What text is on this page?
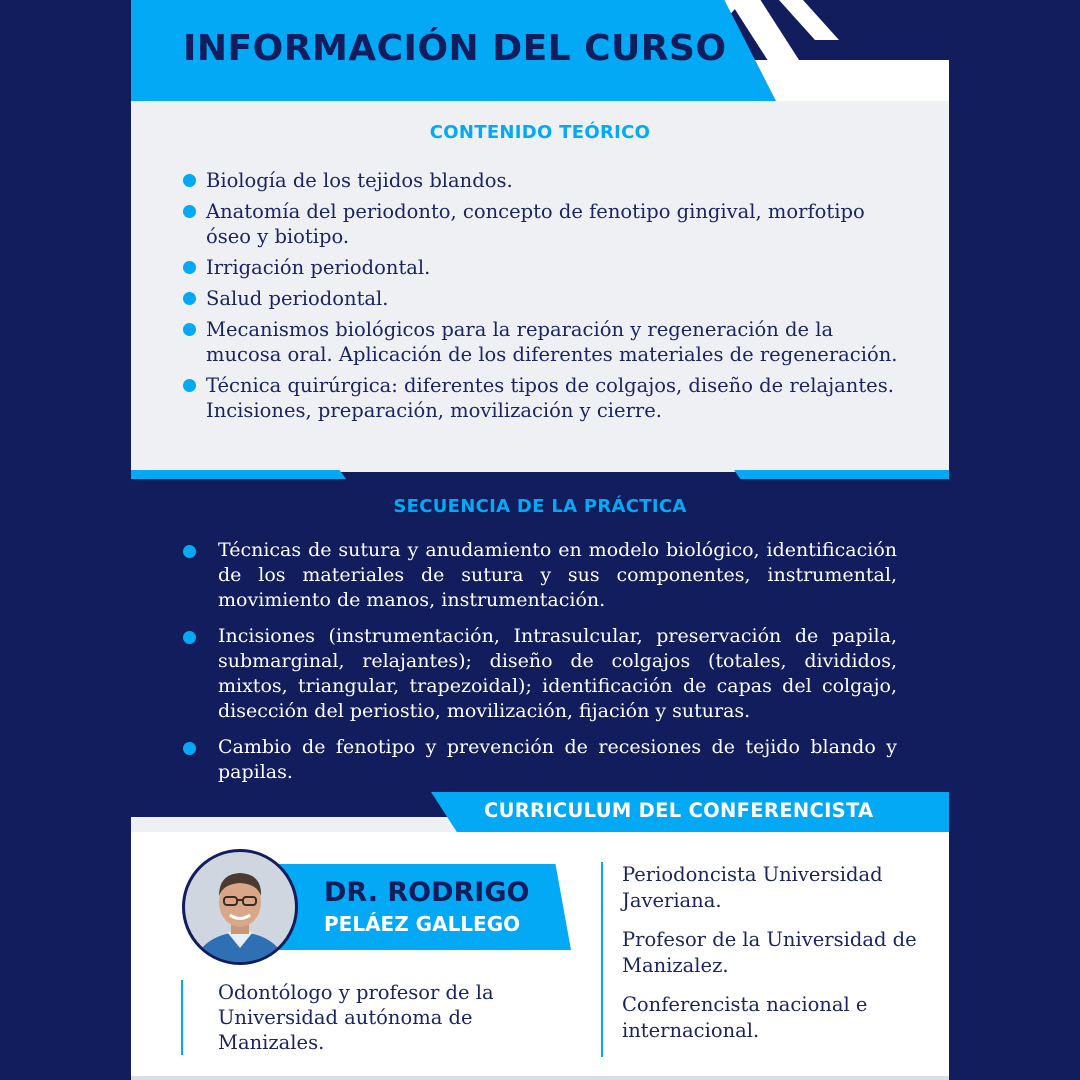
INFORMACIÓN DEL CURSO
CONTENIDO TEÓRICO
Biología de los tejidos blandos.
Anatomía del periodonto, concepto de fenotipo gingival, morfotipo óseo y biotipo.
Irrigación periodontal.
Salud periodontal.
Mecanismos biológicos para la reparación y regeneración de la mucosa oral. Aplicación de los diferentes materiales de regeneración.
Técnica quirúrgica: diferentes tipos de colgajos, diseño de relajantes. Incisiones, preparación, movilización y cierre.
SECUENCIA DE LA PRÁCTICA
Técnicas de sutura y anudamiento en modelo biológico, identificación de los materiales de sutura y sus componentes, instrumental, movimiento de manos, instrumentación.
Incisiones (instrumentación, Intrasulcular, preservación de papila, submarginal, relajantes); diseño de colgajos (totales, divididos, mixtos, triangular, trapezoidal); identificación de capas del colgajo, disección del periostio, movilización, fijación y suturas.
Cambio de fenotipo y prevención de recesiones de tejido blando y papilas.
CURRICULUM DEL CONFERENCISTA
DR. RODRIGO
PELÁEZ GALLEGO

Odontólogo y profesor de la Universidad autónoma de Manizales.

Periodoncista Universidad Javeriana.

Profesor de la Universidad de Manizalez.

Conferencista nacional e internacional.
